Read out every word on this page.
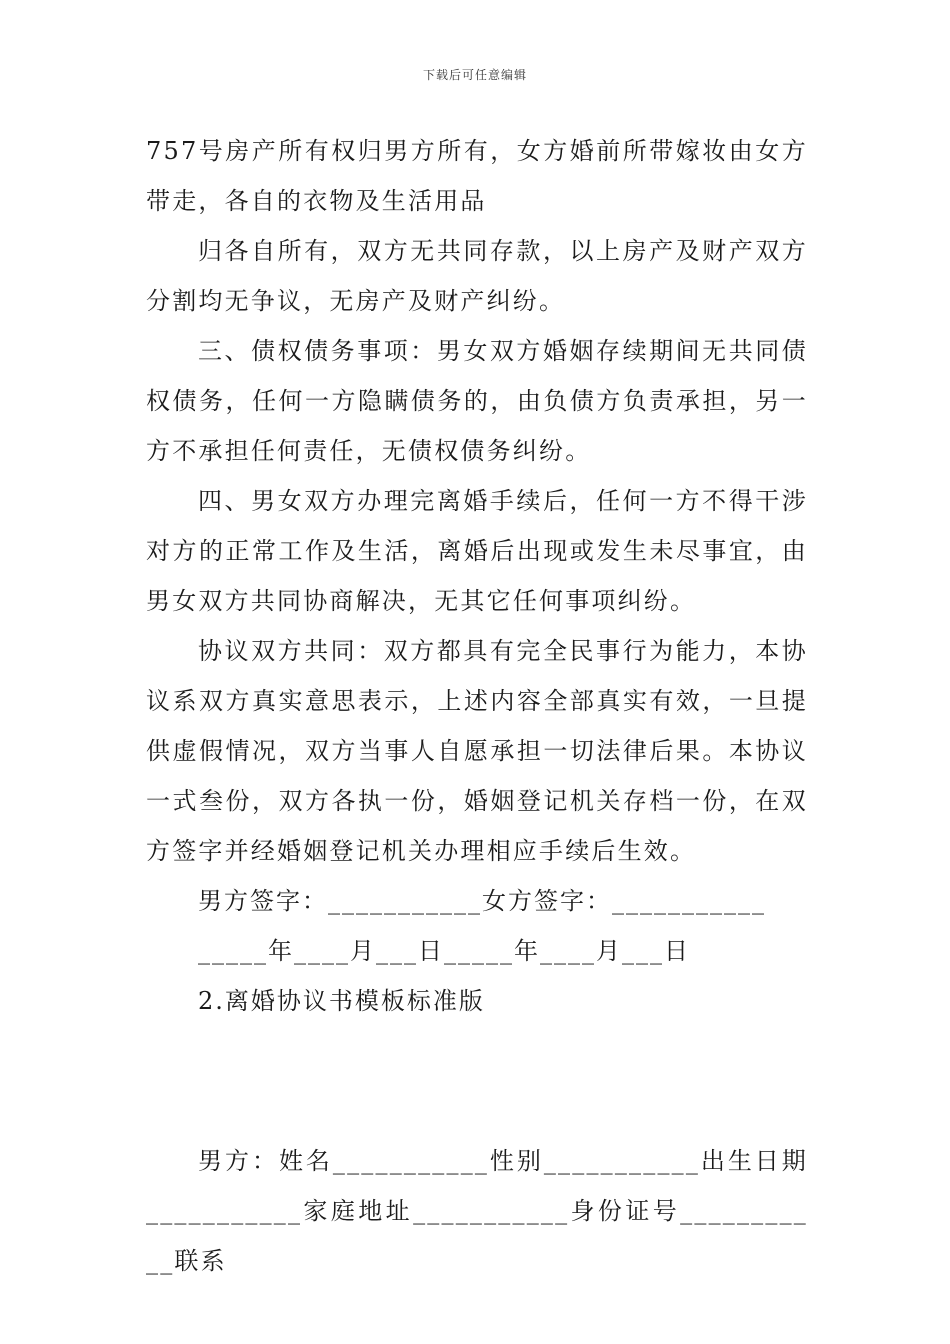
下载后可任意编辑

757号房产所有权归男方所有，女方婚前所带嫁妆由女方带走，各自的衣物及生活用品

归各自所有，双方无共同存款，以上房产及财产双方分割均无争议，无房产及财产纠纷。

三、债权债务事项：男女双方婚姻存续期间无共同债权债务，任何一方隐瞒债务的，由负债方负责承担，另一方不承担任何责任，无债权债务纠纷。

四、男女双方办理完离婚手续后，任何一方不得干涉对方的正常工作及生活，离婚后出现或发生未尽事宜，由男女双方共同协商解决，无其它任何事项纠纷。

协议双方共同：双方都具有完全民事行为能力，本协议系双方真实意思表示，上述内容全部真实有效，一旦提供虚假情况，双方当事人自愿承担一切法律后果。本协议一式叁份，双方各执一份，婚姻登记机关存档一份，在双方签字并经婚姻登记机关办理相应手续后生效。

男方签字：___________女方签字：___________

_____年____月___日_____年____月___日

2.离婚协议书模板标准版

男方：姓名___________性别___________出生日期___________家庭地址___________身份证号___________联系
